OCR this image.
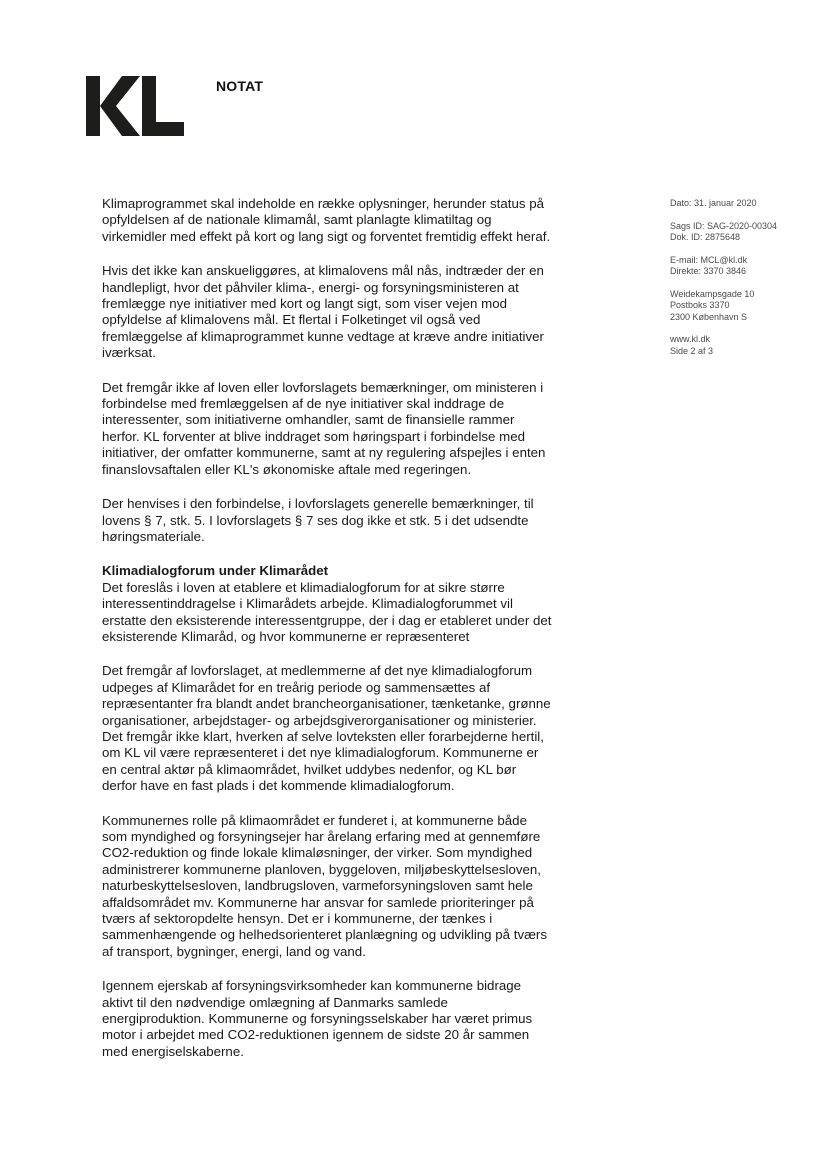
NOTAT
Dato: 31. januar 2020
Sags ID: SAG-2020-00304
Dok. ID: 2875648
E-mail: MCL@kl.dk
Direkte: 3370 3846
Weidekampsgade 10
Postboks 3370
2300 København S
www.kl.dk
Side 2 af 3
Klimaprogrammet skal indeholde en række oplysninger, herunder status på
opfyldelsen af de nationale klimamål, samt planlagte klimatiltag og
virkemidler med effekt på kort og lang sigt og forventet fremtidig effekt heraf.
Hvis det ikke kan anskueliggøres, at klimalovens mål nås, indtræder der en
handlepligt, hvor det påhviler klima-, energi- og forsyningsministeren at
fremlægge nye initiativer med kort og langt sigt, som viser vejen mod
opfyldelse af klimalovens mål. Et flertal i Folketinget vil også ved
fremlæggelse af klimaprogrammet kunne vedtage at kræve andre initiativer
iværksat.
Det fremgår ikke af loven eller lovforslagets bemærkninger, om ministeren i
forbindelse med fremlæggelsen af de nye initiativer skal inddrage de
interessenter, som initiativerne omhandler, samt de finansielle rammer
herfor. KL forventer at blive inddraget som høringspart i forbindelse med
initiativer, der omfatter kommunerne, samt at ny regulering afspejles i enten
finanslovsaftalen eller KL's økonomiske aftale med regeringen.
Der henvises i den forbindelse, i lovforslagets generelle bemærkninger, til
lovens § 7, stk. 5. I lovforslagets § 7 ses dog ikke et stk. 5 i det udsendte
høringsmateriale.
Klimadialogforum under Klimarådet
Det foreslås i loven at etablere et klimadialogforum for at sikre større
interessentinddragelse i Klimarådets arbejde. Klimadialogforummet vil
erstatte den eksisterende interessentgruppe, der i dag er etableret under det
eksisterende Klimaråd, og hvor kommunerne er repræsenteret
Det fremgår af lovforslaget, at medlemmerne af det nye klimadialogforum
udpeges af Klimarådet for en treårig periode og sammensættes af
repræsentanter fra blandt andet brancheorganisationer, tænketanke, grønne
organisationer, arbejdstager- og arbejdsgiverorganisationer og ministerier.
Det fremgår ikke klart, hverken af selve lovteksten eller forarbejderne hertil,
om KL vil være repræsenteret i det nye klimadialogforum. Kommunerne er
en central aktør på klimaområdet, hvilket uddybes nedenfor, og KL bør
derfor have en fast plads i det kommende klimadialogforum.
Kommunernes rolle på klimaområdet er funderet i, at kommunerne både
som myndighed og forsyningsejer har årelang erfaring med at gennemføre
CO2-reduktion og finde lokale klimaløsninger, der virker. Som myndighed
administrerer kommunerne planloven, byggeloven, miljøbeskyttelsesloven,
naturbeskyttelsesloven, landbrugsloven, varmeforsyningsloven samt hele
affaldsområdet mv. Kommunerne har ansvar for samlede prioriteringer på
tværs af sektoropdelte hensyn. Det er i kommunerne, der tænkes i
sammenhængende og helhedsorienteret planlægning og udvikling på tværs
af transport, bygninger, energi, land og vand.
Igennem ejerskab af forsyningsvirksomheder kan kommunerne bidrage
aktivt til den nødvendige omlægning af Danmarks samlede
energiproduktion. Kommunerne og forsyningsselskaber har været primus
motor i arbejdet med CO2-reduktionen igennem de sidste 20 år sammen
med energiselskaberne.
